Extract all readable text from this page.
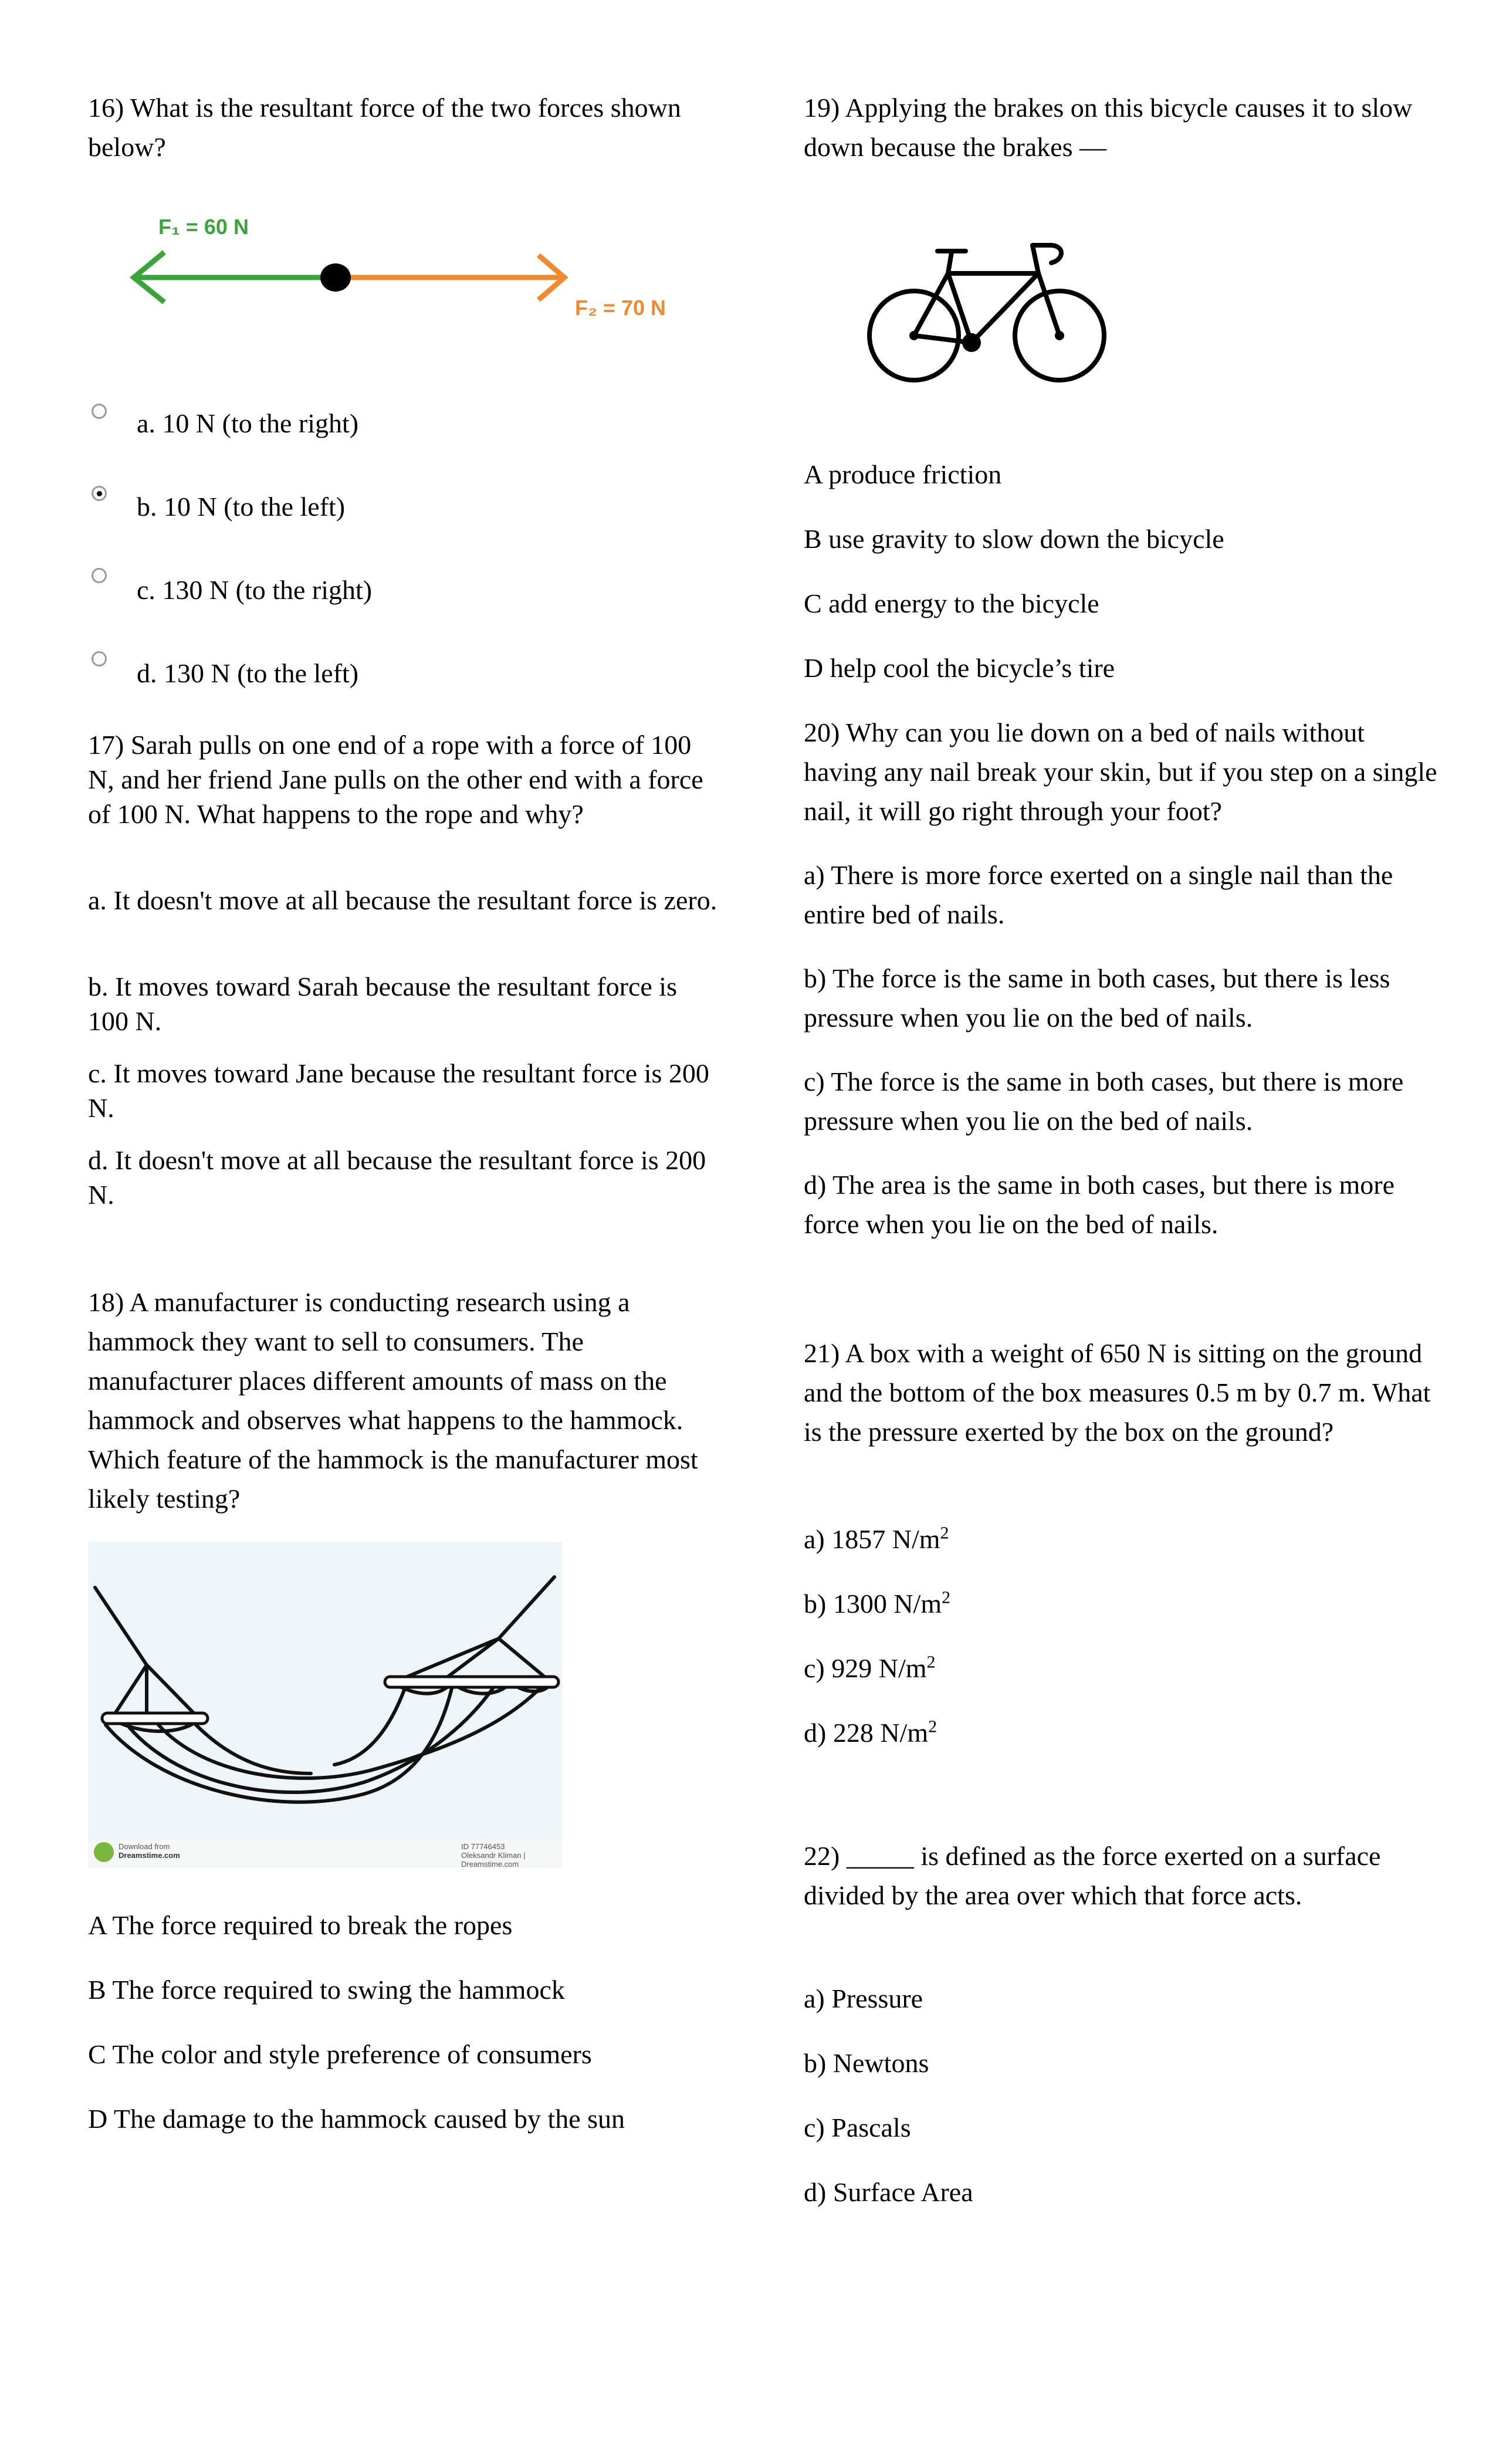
16) What is the resultant force of the two forces shown below?

F₁ = 60 N
F₂ = 70 N

a. 10 N (to the right)

b. 10 N (to the left)

c. 130 N (to the right)

d. 130 N (to the left)

17) Sarah pulls on one end of a rope with a force of 100 N, and her friend Jane pulls on the other end with a force of 100 N. What happens to the rope and why?

a. It doesn't move at all because the resultant force is zero.

b. It moves toward Sarah because the resultant force is 100 N.

c. It moves toward Jane because the resultant force is 200 N.

d. It doesn't move at all because the resultant force is 200 N.

18) A manufacturer is conducting research using a hammock they want to sell to consumers. The manufacturer places different amounts of mass on the hammock and observes what happens to the hammock. Which feature of the hammock is the manufacturer most likely testing?

Download from
Dreamstime.com
ID 77746453
Oleksandr Kliman | Dreamstime.com

A The force required to break the ropes

B The force required to swing the hammock

C The color and style preference of consumers

D The damage to the hammock caused by the sun

19) Applying the brakes on this bicycle causes it to slow down because the brakes —

A produce friction

B use gravity to slow down the bicycle

C add energy to the bicycle

D help cool the bicycle’s tire

20) Why can you lie down on a bed of nails without having any nail break your skin, but if you step on a single nail, it will go right through your foot?

a) There is more force exerted on a single nail than the entire bed of nails.

b) The force is the same in both cases, but there is less pressure when you lie on the bed of nails.

c) The force is the same in both cases, but there is more pressure when you lie on the bed of nails.

d) The area is the same in both cases, but there is more force when you lie on the bed of nails.

21) A box with a weight of 650 N is sitting on the ground and the bottom of the box measures 0.5 m by 0.7 m. What is the pressure exerted by the box on the ground?

a) 1857 $N/m^2$

b) 1300 $N/m^2$

c) 929 $N/m^2$

d) 228 $N/m^2$

22) _____ is defined as the force exerted on a surface divided by the area over which that force acts.

a) Pressure

b) Newtons

c) Pascals

d) Surface Area
